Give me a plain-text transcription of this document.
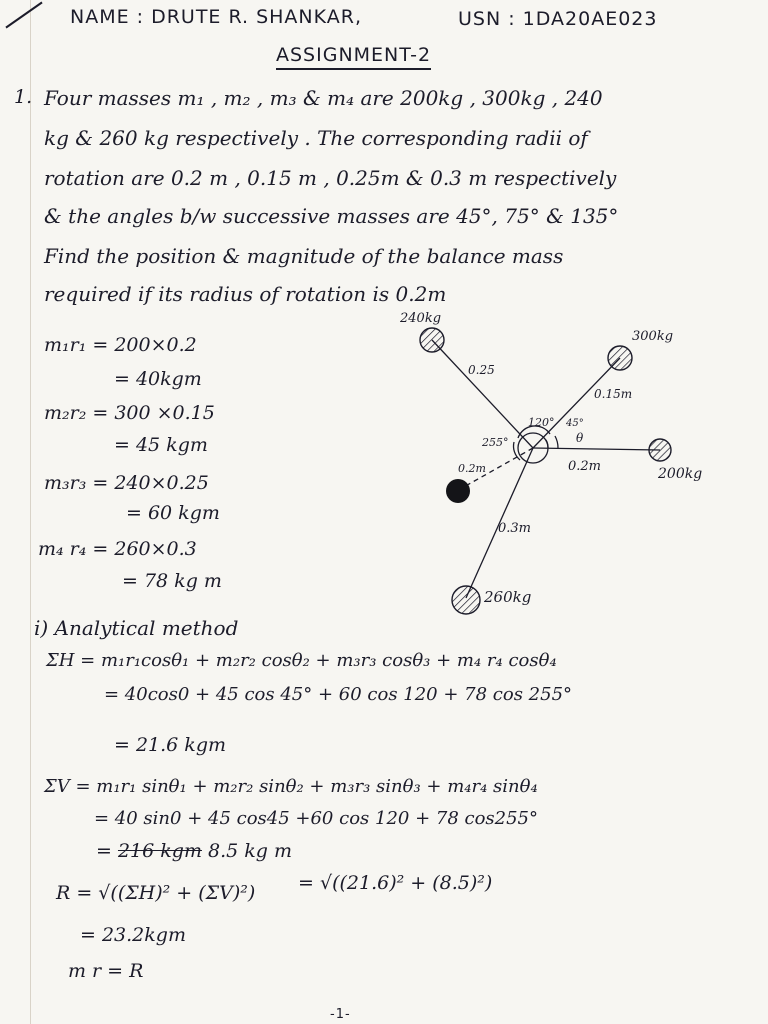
NAME : DRUTE R. SHANKAR,	USN : 1DA20AE023
ASSIGNMENT-2
1. Four masses m₁ , m₂ , m₃ & m₄ are 200kg , 300kg , 240
kg & 260 kg respectively . The corresponding radii of
rotation are 0.2 m , 0.15 m , 0.25m & 0.3 m respectively
& the angles b/w successive masses are 45°, 75° & 135°
Find the position & magnitude of the balance mass
required if its radius of rotation is 0.2m
m₁r₁ = 200×0.2
= 40kgm
m₂r₂ = 300 ×0.15
= 45 kgm
m₃r₃ = 240×0.25
= 60 kgm
m₄ r₄ = 260×0.3
= 78 kg m
240kg
300kg
200kg
260kg
0.25
0.15m
0.2m
0.2m
0.3m
120° 45°
255°	θ
i) Analytical method
ΣH = m₁r₁cosθ₁ + m₂r₂ cosθ₂ + m₃r₃ cosθ₃ + m₄ r₄ cosθ₄
= 40cos0 + 45 cos 45° + 60 cos 120 + 78 cos 255°
= 21.6 kgm
ΣV = m₁r₁ sinθ₁ + m₂r₂ sinθ₂ + m₃r₃ sinθ₃ + m₄r₄ sinθ₄
= 40 sin0 + 45 cos45 +60 cos 120 + 78 cos255°
= 216 kgm 8.5 kg m
R = √((ΣH)² + (ΣV)²) = √((21.6)² + (8.5)²)
= 23.2kgm
m r = R
-1-
